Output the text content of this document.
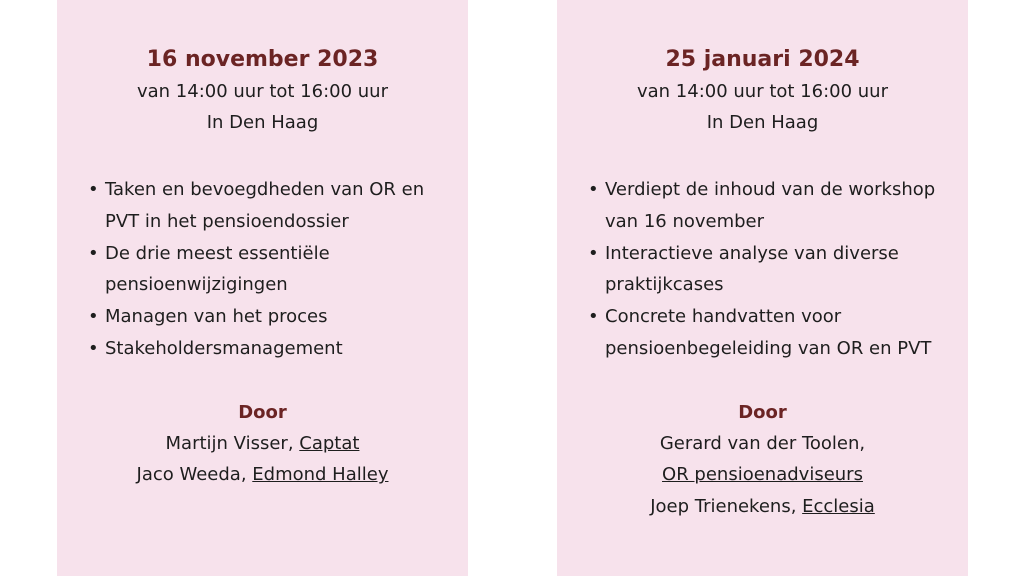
16 november 2023
van 14:00 uur tot 16:00 uur
In Den Haag
• Taken en bevoegdheden van OR en
PVT in het pensioendossier
• De drie meest essentiële
pensioenwijzigingen
• Managen van het proces
• Stakeholdersmanagement
Door
Martijn Visser, Captat
Jaco Weeda, Edmond Halley
25 januari 2024
van 14:00 uur tot 16:00 uur
In Den Haag
• Verdiept de inhoud van de workshop
van 16 november
• Interactieve analyse van diverse
praktijkcases
• Concrete handvatten voor
pensioenbegeleiding van OR en PVT
Door
Gerard van der Toolen,
OR pensioenadviseurs
Joep Trienekens, Ecclesia
